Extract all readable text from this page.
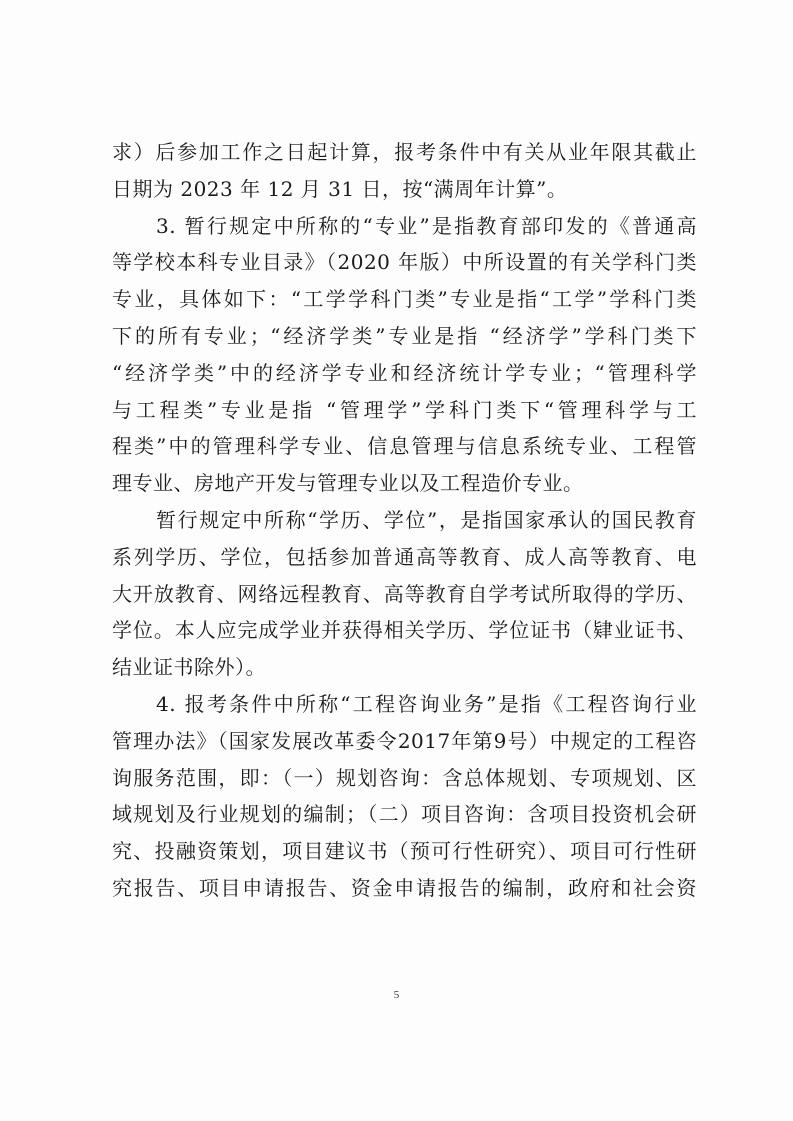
求）后参加工作之日起计算，报考条件中有关从业年限其截止
日期为 2023 年 12 月 31 日，按“满周年计算”。
3. 暂行规定中所称的“专业”是指教育部印发的《普通高
等学校本科专业目录》（2020 年版）中所设置的有关学科门类
专业，具体如下：“工学学科门类”专业是指“工学”学科门类
下的所有专业；“经济学类”专业是指 “经济学”学科门类下
“经济学类”中的经济学专业和经济统计学专业；“管理科学
与工程类”专业是指 “管理学”学科门类下“管理科学与工
程类”中的管理科学专业、信息管理与信息系统专业、工程管
理专业、房地产开发与管理专业以及工程造价专业。
暂行规定中所称“学历、学位”，是指国家承认的国民教育
系列学历、学位，包括参加普通高等教育、成人高等教育、电
大开放教育、网络远程教育、高等教育自学考试所取得的学历、
学位。本人应完成学业并获得相关学历、学位证书（肄业证书、
结业证书除外）。
4. 报考条件中所称“工程咨询业务”是指《工程咨询行业
管理办法》（国家发展改革委令2017年第9号）中规定的工程咨
询服务范围，即：（一）规划咨询：含总体规划、专项规划、区
域规划及行业规划的编制；（二）项目咨询：含项目投资机会研
究、投融资策划，项目建议书（预可行性研究）、项目可行性研
究报告、项目申请报告、资金申请报告的编制，政府和社会资
5
